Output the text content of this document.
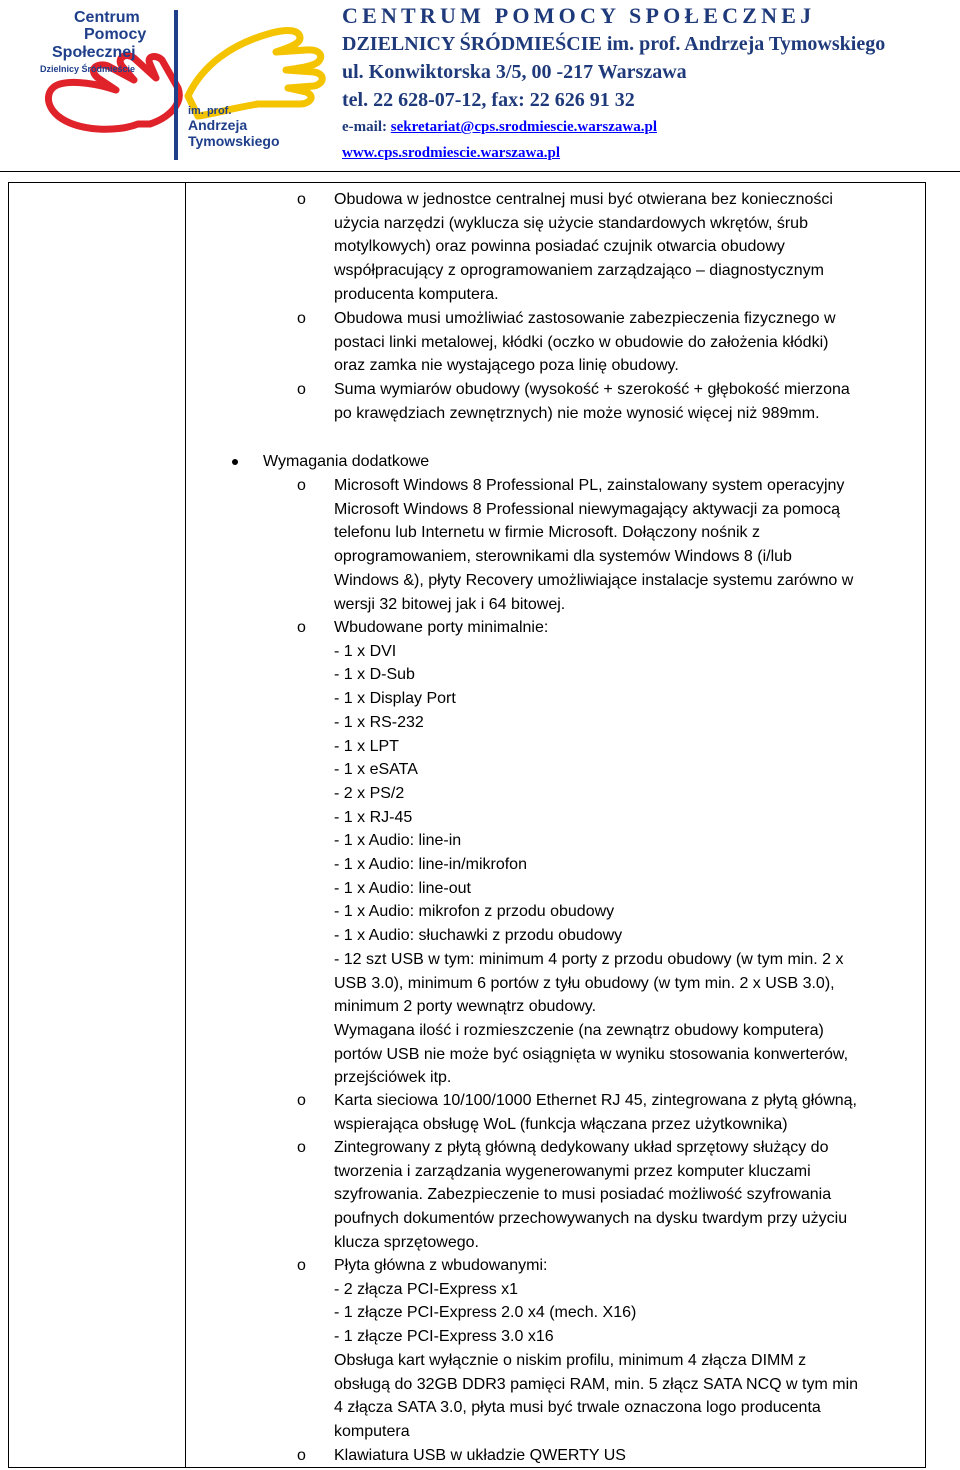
Centrum
Pomocy
Społecznej
Dzielnicy Śródmieście
im. prof.
Andrzeja
Tymowskiego
CENTRUM POMOCY SPOŁECZNEJ
DZIELNICY ŚRÓDMIEŚCIE im. prof. Andrzeja Tymowskiego
ul. Konwiktorska 3/5, 00 -217 Warszawa
tel. 22 628-07-12, fax: 22 626 91 32
e-mail: sekretariat@cps.srodmiescie.warszawa.pl
www.cps.srodmiescie.warszawa.pl
o Obudowa w jednostce centralnej musi być otwierana bez konieczności
użycia narzędzi (wyklucza się użycie standardowych wkrętów, śrub
motylkowych) oraz powinna posiadać czujnik otwarcia obudowy
współpracujący z oprogramowaniem zarządzająco – diagnostycznym
producenta komputera.
o Obudowa musi umożliwiać zastosowanie zabezpieczenia fizycznego w
postaci linki metalowej, kłódki (oczko w obudowie do założenia kłódki)
oraz zamka nie wystającego poza linię obudowy.
o Suma wymiarów obudowy (wysokość + szerokość + głębokość mierzona
po krawędziach zewnętrznych) nie może wynosić więcej niż 989mm.
Wymagania dodatkowe
o Microsoft Windows 8 Professional PL, zainstalowany system operacyjny
Microsoft Windows 8 Professional niewymagający aktywacji za pomocą
telefonu lub Internetu w firmie Microsoft. Dołączony nośnik z
oprogramowaniem, sterownikami dla systemów Windows 8 (i/lub
Windows &), płyty Recovery umożliwiające instalacje systemu zarówno w
wersji 32 bitowej jak i 64 bitowej.
o Wbudowane porty minimalnie:
- 1 x DVI
- 1 x D-Sub
- 1 x Display Port
- 1 x RS-232
- 1 x LPT
- 1 x eSATA
- 2 x PS/2
- 1 x RJ-45
- 1 x Audio: line-in
- 1 x Audio: line-in/mikrofon
- 1 x Audio: line-out
- 1 x Audio: mikrofon z przodu obudowy
- 1 x Audio: słuchawki z przodu obudowy
- 12 szt USB w tym: minimum 4 porty z przodu obudowy (w tym min. 2 x
USB 3.0), minimum 6 portów z tyłu obudowy (w tym min. 2 x USB 3.0),
minimum 2 porty wewnątrz obudowy.
Wymagana ilość i rozmieszczenie (na zewnątrz obudowy komputera)
portów USB nie może być osiągnięta w wyniku stosowania konwerterów,
przejściówek itp.
o Karta sieciowa 10/100/1000 Ethernet RJ 45, zintegrowana z płytą główną,
wspierająca obsługę WoL (funkcja włączana przez użytkownika)
o Zintegrowany z płytą główną dedykowany układ sprzętowy służący do
tworzenia i zarządzania wygenerowanymi przez komputer kluczami
szyfrowania. Zabezpieczenie to musi posiadać możliwość szyfrowania
poufnych dokumentów przechowywanych na dysku twardym przy użyciu
klucza sprzętowego.
o Płyta główna z wbudowanymi:
- 2 złącza PCI-Express x1
- 1 złącze PCI-Express 2.0 x4 (mech. X16)
- 1 złącze PCI-Express 3.0 x16
Obsługa kart wyłącznie o niskim profilu, minimum 4 złącza DIMM z
obsługą do 32GB DDR3 pamięci RAM, min. 5 złącz SATA NCQ w tym min
4 złącza SATA 3.0, płyta musi być trwale oznaczona logo producenta
komputera
o Klawiatura USB w układzie QWERTY US
